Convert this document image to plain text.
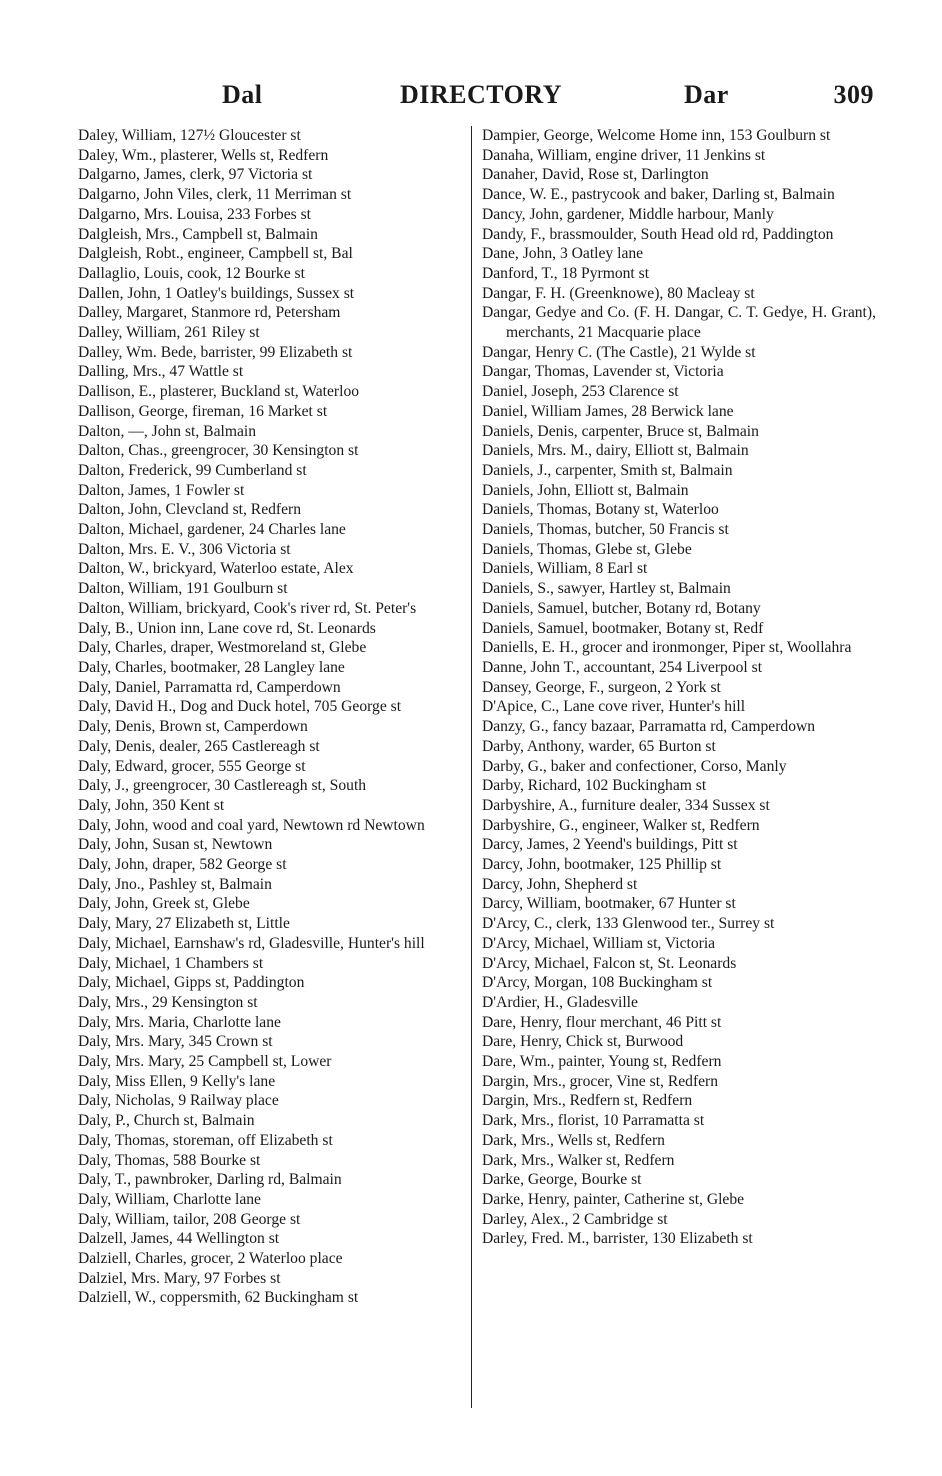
Dal	DIRECTORY	Dar	309

Daley, William, 127½ Gloucester st

Daley, Wm., plasterer, Wells st, Redfern

Dalgarno, James, clerk, 97 Victoria st

Dalgarno, John Viles, clerk, 11 Merriman st

Dalgarno, Mrs. Louisa, 233 Forbes st

Dalgleish, Mrs., Campbell st, Balmain

Dalgleish, Robt., engineer, Campbell st, Bal

Dallaglio, Louis, cook, 12 Bourke st

Dallen, John, 1 Oatley's buildings, Sussex st

Dalley, Margaret, Stanmore rd, Petersham

Dalley, William, 261 Riley st

Dalley, Wm. Bede, barrister, 99 Elizabeth st

Dalling, Mrs., 47 Wattle st

Dallison, E., plasterer, Buckland st, Waterloo

Dallison, George, fireman, 16 Market st

Dalton, —, John st, Balmain

Dalton, Chas., greengrocer, 30 Kensington st

Dalton, Frederick, 99 Cumberland st

Dalton, James, 1 Fowler st

Dalton, John, Clevcland st, Redfern

Dalton, Michael, gardener, 24 Charles lane

Dalton, Mrs. E. V., 306 Victoria st

Dalton, W., brickyard, Waterloo estate, Alex

Dalton, William, 191 Goulburn st

Dalton, William, brickyard, Cook's river rd, St. Peter's

Daly, B., Union inn, Lane cove rd, St. Leonards

Daly, Charles, draper, Westmoreland st, Glebe

Daly, Charles, bootmaker, 28 Langley lane

Daly, Daniel, Parramatta rd, Camperdown

Daly, David H., Dog and Duck hotel, 705 George st

Daly, Denis, Brown st, Camperdown

Daly, Denis, dealer, 265 Castlereagh st

Daly, Edward, grocer, 555 George st

Daly, J., greengrocer, 30 Castlereagh st, South

Daly, John, 350 Kent st

Daly, John, wood and coal yard, Newtown rd Newtown

Daly, John, Susan st, Newtown

Daly, John, draper, 582 George st

Daly, Jno., Pashley st, Balmain

Daly, John, Greek st, Glebe

Daly, Mary, 27 Elizabeth st, Little

Daly, Michael, Earnshaw's rd, Gladesville, Hunter's hill

Daly, Michael, 1 Chambers st

Daly, Michael, Gipps st, Paddington

Daly, Mrs., 29 Kensington st

Daly, Mrs. Maria, Charlotte lane

Daly, Mrs. Mary, 345 Crown st

Daly, Mrs. Mary, 25 Campbell st, Lower

Daly, Miss Ellen, 9 Kelly's lane

Daly, Nicholas, 9 Railway place

Daly, P., Church st, Balmain

Daly, Thomas, storeman, off Elizabeth st

Daly, Thomas, 588 Bourke st

Daly, T., pawnbroker, Darling rd, Balmain

Daly, William, Charlotte lane

Daly, William, tailor, 208 George st

Dalzell, James, 44 Wellington st

Dalziell, Charles, grocer, 2 Waterloo place

Dalziel, Mrs. Mary, 97 Forbes st

Dalziell, W., coppersmith, 62 Buckingham st

Dampier, George, Welcome Home inn, 153 Goulburn st

Danaha, William, engine driver, 11 Jenkins st

Danaher, David, Rose st, Darlington

Dance, W. E., pastrycook and baker, Darling st, Balmain

Dancy, John, gardener, Middle harbour, Manly

Dandy, F., brassmoulder, South Head old rd, Paddington

Dane, John, 3 Oatley lane

Danford, T., 18 Pyrmont st

Dangar, F. H. (Greenknowe), 80 Macleay st

Dangar, Gedye and Co. (F. H. Dangar, C. T. Gedye, H. Grant), merchants, 21 Macquarie place

Dangar, Henry C. (The Castle), 21 Wylde st

Dangar, Thomas, Lavender st, Victoria

Daniel, Joseph, 253 Clarence st

Daniel, William James, 28 Berwick lane

Daniels, Denis, carpenter, Bruce st, Balmain

Daniels, Mrs. M., dairy, Elliott st, Balmain

Daniels, J., carpenter, Smith st, Balmain

Daniels, John, Elliott st, Balmain

Daniels, Thomas, Botany st, Waterloo

Daniels, Thomas, butcher, 50 Francis st

Daniels, Thomas, Glebe st, Glebe

Daniels, William, 8 Earl st

Daniels, S., sawyer, Hartley st, Balmain

Daniels, Samuel, butcher, Botany rd, Botany

Daniels, Samuel, bootmaker, Botany st, Redf

Daniells, E. H., grocer and ironmonger, Piper st, Woollahra

Danne, John T., accountant, 254 Liverpool st

Dansey, George, F., surgeon, 2 York st

D'Apice, C., Lane cove river, Hunter's hill

Danzy, G., fancy bazaar, Parramatta rd, Camperdown

Darby, Anthony, warder, 65 Burton st

Darby, G., baker and confectioner, Corso, Manly

Darby, Richard, 102 Buckingham st

Darbyshire, A., furniture dealer, 334 Sussex st

Darbyshire, G., engineer, Walker st, Redfern

Darcy, James, 2 Yeend's buildings, Pitt st

Darcy, John, bootmaker, 125 Phillip st

Darcy, John, Shepherd st

Darcy, William, bootmaker, 67 Hunter st

D'Arcy, C., clerk, 133 Glenwood ter., Surrey st

D'Arcy, Michael, William st, Victoria

D'Arcy, Michael, Falcon st, St. Leonards

D'Arcy, Morgan, 108 Buckingham st

D'Ardier, H., Gladesville

Dare, Henry, flour merchant, 46 Pitt st

Dare, Henry, Chick st, Burwood

Dare, Wm., painter, Young st, Redfern

Dargin, Mrs., grocer, Vine st, Redfern

Dargin, Mrs., Redfern st, Redfern

Dark, Mrs., florist, 10 Parramatta st

Dark, Mrs., Wells st, Redfern

Dark, Mrs., Walker st, Redfern

Darke, George, Bourke st

Darke, Henry, painter, Catherine st, Glebe

Darley, Alex., 2 Cambridge st

Darley, Fred. M., barrister, 130 Elizabeth st
